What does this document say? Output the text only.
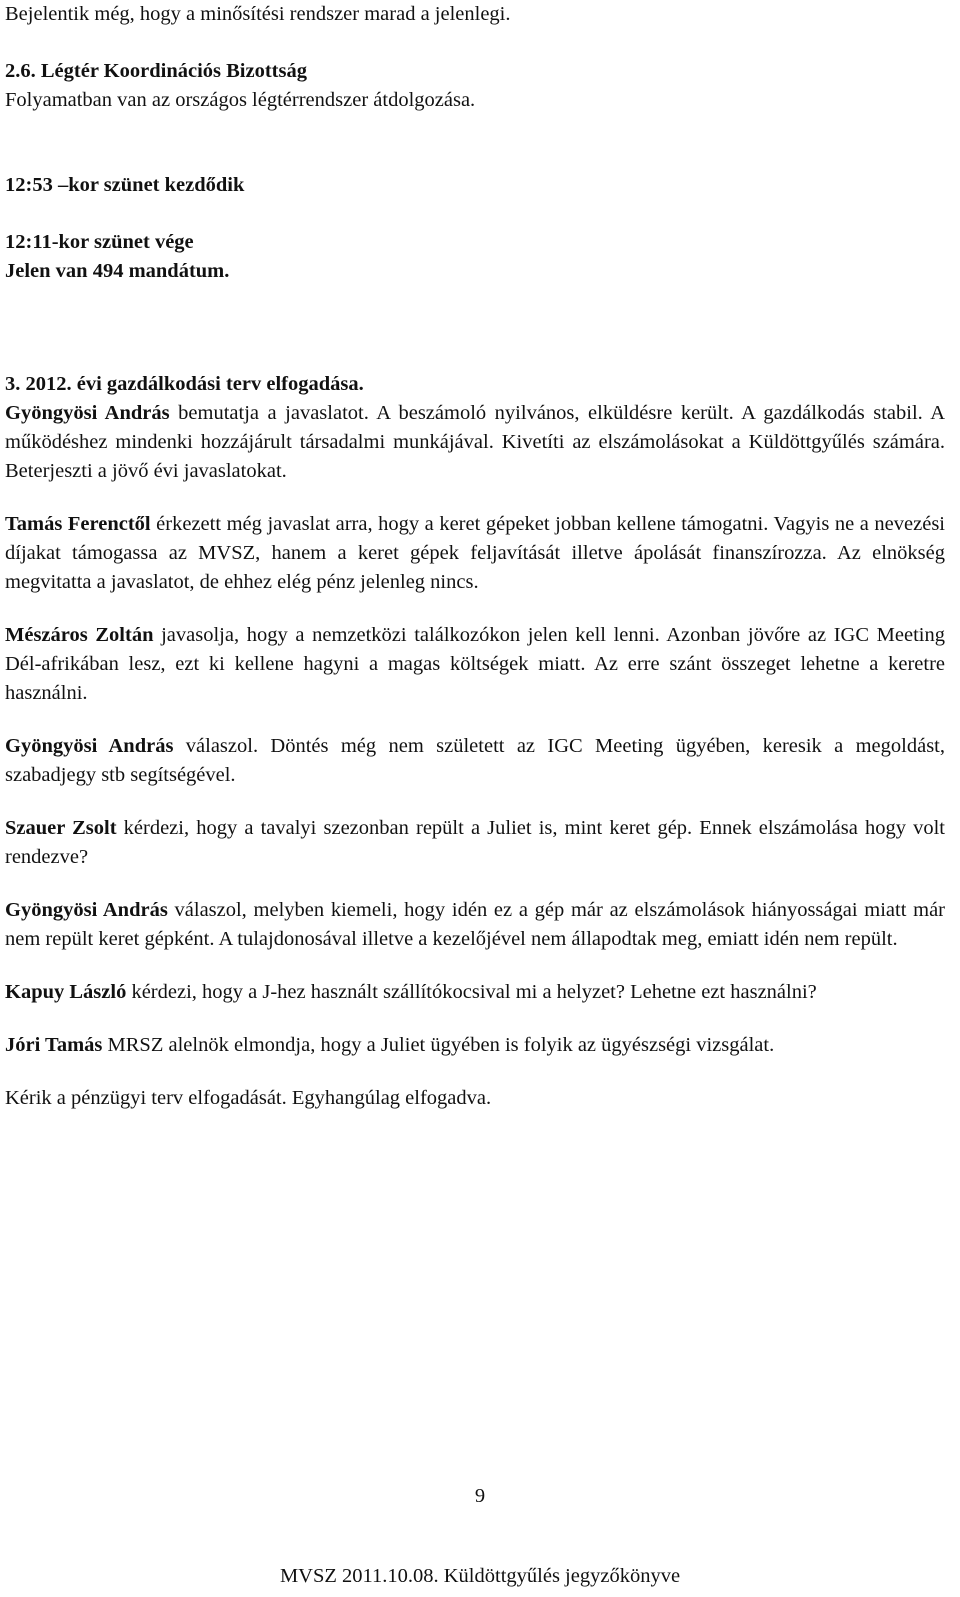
Bejelentik még, hogy a minősítési rendszer marad a jelenlegi.

2.6. Légtér Koordinációs Bizottság

Folyamatban van az országos légtérrendszer átdolgozása.

12:53 –kor szünet kezdődik

12:11-kor szünet vége

Jelen van 494 mandátum.

3. 2012. évi gazdálkodási terv elfogadása.

Gyöngyösi András bemutatja a javaslatot. A beszámoló nyilvános, elküldésre került. A gazdálkodás stabil. A működéshez mindenki hozzájárult társadalmi munkájával. Kivetíti az elszámolásokat a Küldöttgyűlés számára. Beterjeszti a jövő évi javaslatokat.

Tamás Ferenctől érkezett még javaslat arra, hogy a keret gépeket jobban kellene támogatni. Vagyis ne a nevezési díjakat támogassa az MVSZ, hanem a keret gépek feljavítását illetve ápolását finanszírozza. Az elnökség megvitatta a javaslatot, de ehhez elég pénz jelenleg nincs.

Mészáros Zoltán javasolja, hogy a nemzetközi találkozókon jelen kell lenni. Azonban jövőre az IGC Meeting Dél-afrikában lesz, ezt ki kellene hagyni a magas költségek miatt. Az erre szánt összeget lehetne a keretre használni.

Gyöngyösi András válaszol. Döntés még nem született az IGC Meeting ügyében, keresik a megoldást, szabadjegy stb segítségével.

Szauer Zsolt kérdezi, hogy a tavalyi szezonban repült a Juliet is, mint keret gép. Ennek elszámolása hogy volt rendezve?

Gyöngyösi András válaszol, melyben kiemeli, hogy idén ez a gép már az elszámolások hiányosságai miatt már nem repült keret gépként. A tulajdonosával illetve a kezelőjével nem állapodtak meg, emiatt idén nem repült.

Kapuy László kérdezi, hogy a J-hez használt szállítókocsival mi a helyzet? Lehetne ezt használni?

Jóri Tamás MRSZ alelnök elmondja, hogy a Juliet ügyében is folyik az ügyészségi vizsgálat.

Kérik a pénzügyi terv elfogadását. Egyhangúlag elfogadva.

9
MVSZ 2011.10.08. Küldöttgyűlés jegyzőkönyve
